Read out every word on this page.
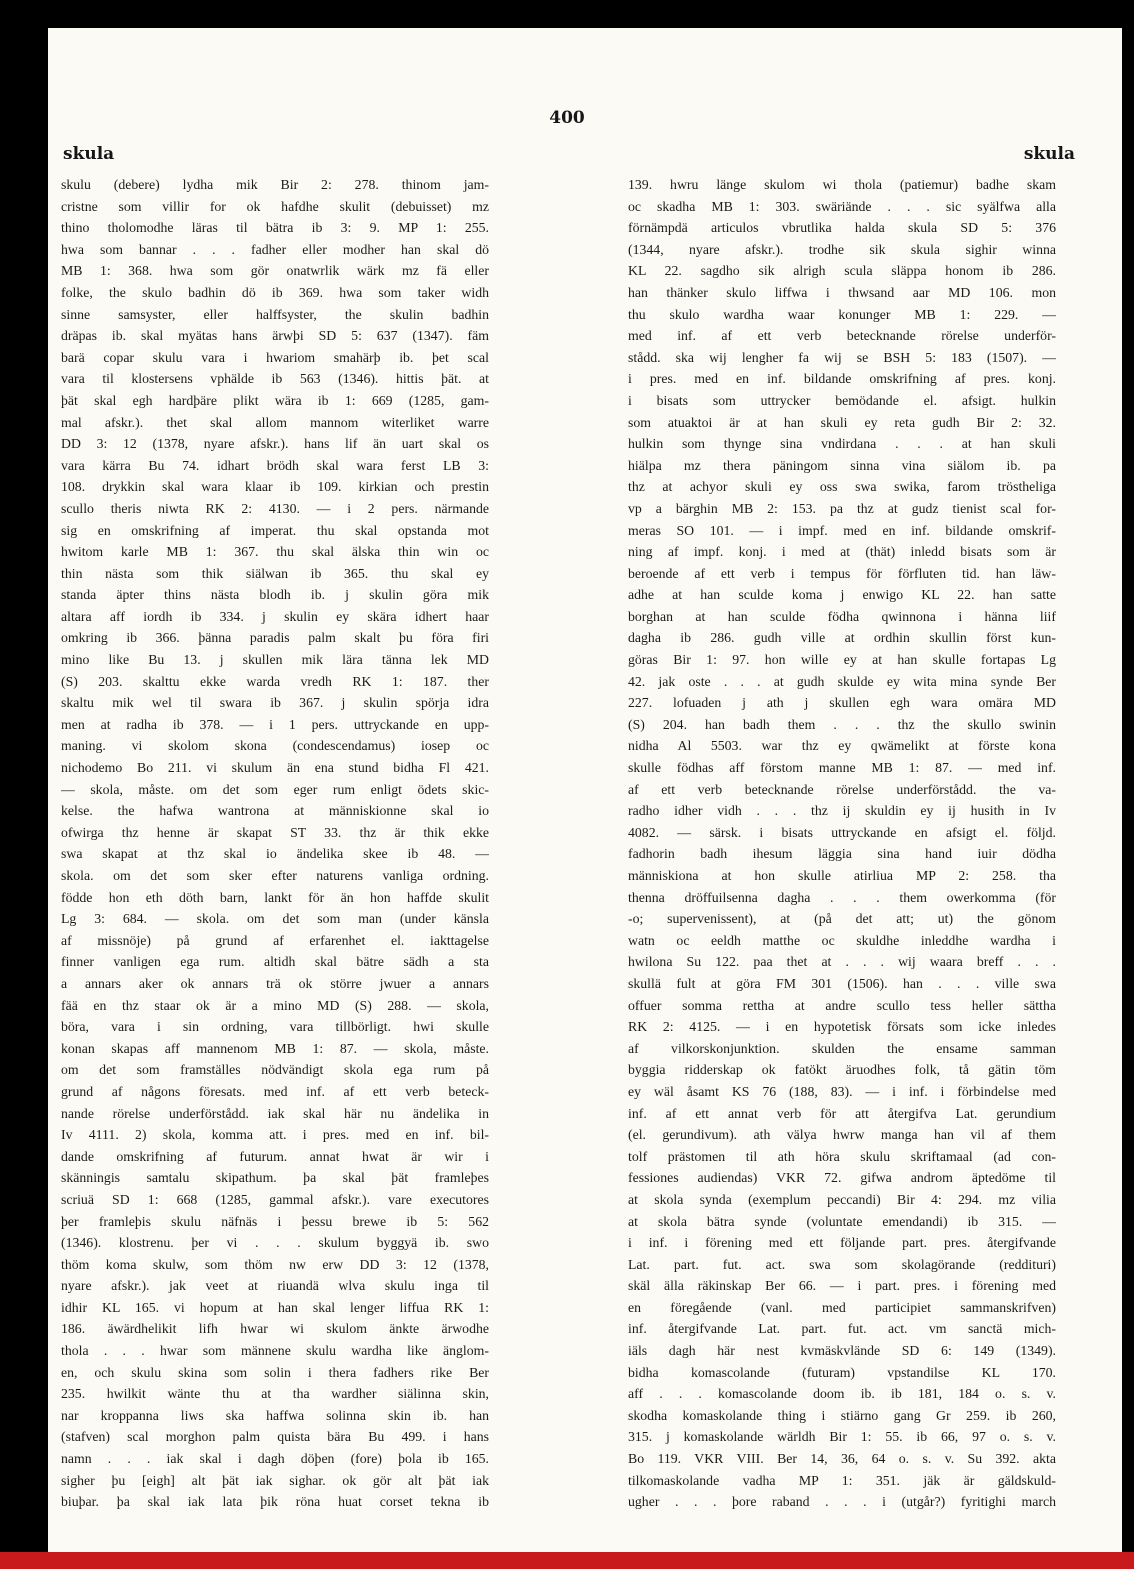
skula	skula
skulu (debere) lydha mik Bir 2: 278. thinom jam-
cristne som villir for ok hafdhe skulit (debuisset) mz
thino tholomodhe läras til bätra ib 3: 9. MP 1: 255.
hwa som bannar . . . fadher eller modher han skal dö
MB 1: 368. hwa som gör onatwrlik wärk mz fä eller
folke, the skulo badhin dö ib 369. hwa som taker widh
sinne samsyster, eller halffsyster, the skulin badhin
dräpas ib. skal myätas hans ärwþi SD 5: 637 (1347). fäm
barä copar skulu vara i hwariom smahärþ ib. þet scal
vara til klostersens vphälde ib 563 (1346). hittis þät. at
þät skal egh hardþäre plikt wära ib 1: 669 (1285, gam-
mal afskr.). thet skal allom mannom witerliket warre
DD 3: 12 (1378, nyare afskr.). hans lif än uart skal os
vara kärra Bu 74. idhart brödh skal wara ferst LB 3:
108. drykkin skal wara klaar ib 109. kirkian och prestin
scullo theris niwta RK 2: 4130. — i 2 pers. närmande
sig en omskrifning af imperat. thu skal opstanda mot
hwitom karle MB 1: 367. thu skal älska thin win oc
thin nästa som thik siälwan ib 365. thu skal ey
standa äpter thins nästa blodh ib. j skulin göra mik
altara aff iordh ib 334. j skulin ey skära idhert haar
omkring ib 366. þänna paradis palm skalt þu föra firi
mino like Bu 13. j skullen mik lära tänna lek MD
(S) 203. skalttu ekke warda vredh RK 1: 187. ther
skaltu mik wel til swara ib 367. j skulin spörja idra
men at radha ib 378. — i 1 pers. uttryckande en upp-
maning. vi skolom skona (condescendamus) iosep oc
nichodemo Bo 211. vi skulum än ena stund bidha Fl 421.
— skola, måste. om det som eger rum enligt ödets skic-
kelse. the hafwa wantrona at människionne skal io
ofwirga thz henne är skapat ST 33. thz är thik ekke
swa skapat at thz skal io ändelika skee ib 48. —
skola. om det som sker efter naturens vanliga ordning.
födde hon eth döth barn, lankt för än hon haffde skulit
Lg 3: 684. — skola. om det som man (under känsla
af missnöje) på grund af erfarenhet el. iakttagelse
finner vanligen ega rum. altidh skal bätre sädh a sta
a annars aker ok annars trä ok större jwuer a annars
fää en thz staar ok är a mino MD (S) 288. — skola,
böra, vara i sin ordning, vara tillbörligt. hwi skulle
konan skapas aff mannenom MB 1: 87. — skola, måste.
om det som framställes nödvändigt skola ega rum på
grund af någons föresats. med inf. af ett verb beteck-
nande rörelse underförstådd. iak skal här nu ändelika in
Iv 4111. 2) skola, komma att. i pres. med en inf. bil-
dande omskrifning af futurum. annat hwat är wir i
skänningis samtalu skipathum. þa skal þät framleþes
scriuä SD 1: 668 (1285, gammal afskr.). vare executores
þer framleþis skulu näfnäs i þessu brewe ib 5: 562
(1346). klostrenu. þer vi . . . skulum byggyä ib. swo
thöm koma skulw, som thöm nw erw DD 3: 12 (1378,
nyare afskr.). jak veet at riuandä wlva skulu inga til
idhir KL 165. vi hopum at han skal lenger liffua RK 1:
186. äwärdhelikit lifh hwar wi skulom änkte ärwodhe
thola . . . hwar som männene skulu wardha like änglom-
en, och skulu skina som solin i thera fadhers rike Ber
235. hwilkit wänte thu at tha wardher siälinna skin,
nar kroppanna liws ska haffwa solinna skin ib. han
(stafven) scal morghon palm quista bära Bu 499. i hans
namn . . . iak skal i dagh döþen (fore) þola ib 165.
sigher þu [eigh] alt þät iak sighar. ok gör alt þät iak
biuþar. þa skal iak lata þik röna huat corset tekna ib
139. hwru länge skulom wi thola (patiemur) badhe skam
oc skadha MB 1: 303. swäriände . . . sic syälfwa alla
förnämpdä articulos vbrutlika halda skula SD 5: 376
(1344, nyare afskr.). trodhe sik skula sighir winna
KL 22. sagdho sik alrigh scula släppa honom ib 286.
han thänker skulo liffwa i thwsand aar MD 106. mon
thu skulo wardha waar konunger MB 1: 229. —
med inf. af ett verb betecknande rörelse underför-
stådd. ska wij lengher fa wij se BSH 5: 183 (1507). —
i pres. med en inf. bildande omskrifning af pres. konj.
i bisats som uttrycker bemödande el. afsigt. hulkin
som atuaktoi är at han skuli ey reta gudh Bir 2: 32.
hulkin som thynge sina vndirdana . . . at han skuli
hiälpa mz thera päningom sinna vina siälom ib. pa
thz at achyor skuli ey oss swa swika, farom tröstheliga
vp a bärghin MB 2: 153. pa thz at gudz tienist scal for-
meras SO 101. — i impf. med en inf. bildande omskrif-
ning af impf. konj. i med at (thät) inledd bisats som är
beroende af ett verb i tempus för förfluten tid. han läw-
adhe at han sculde koma j enwigo KL 22. han satte
borghan at han sculde födha qwinnona i hänna liif
dagha ib 286. gudh ville at ordhin skullin först kun-
göras Bir 1: 97. hon wille ey at han skulle fortapas Lg
42. jak oste . . . at gudh skulde ey wita mina synde Ber
227. lofuaden j ath j skullen egh wara omära MD
(S) 204. han badh them . . . thz the skullo swinin
nidha Al 5503. war thz ey qwämelikt at förste kona
skulle födhas aff förstom manne MB 1: 87. — med inf.
af ett verb betecknande rörelse underförstådd. the va-
radho idher vidh . . . thz ij skuldin ey ij husith in Iv
4082. — särsk. i bisats uttryckande en afsigt el. följd.
fadhorin badh ihesum läggia sina hand iuir dödha
människiona at hon skulle atirliua MP 2: 258. tha
thenna dröffuilsenna dagha . . . them owerkomma (för
-o; supervenissent), at (på det att; ut) the gönom
watn oc eeldh matthe oc skuldhe inleddhe wardha i
hwilona Su 122. paa thet at . . . wij waara breff . . .
skullä fult at göra FM 301 (1506). han . . . ville swa
offuer somma rettha at andre scullo tess heller sättha
RK 2: 4125. — i en hypotetisk försats som icke inledes
af vilkorskonjunktion. skulden the ensame samman
byggia ridderskap ok fatökt äruodhes folk, tå gätin töm
ey wäl åsamt KS 76 (188, 83). — i inf. i förbindelse med
inf. af ett annat verb för att återgifva Lat. gerundium
(el. gerundivum). ath välya hwrw manga han vil af them
tolf prästomen til ath höra skulu skriftamaal (ad con-
fessiones audiendas) VKR 72. gifwa androm äptedöme til
at skola synda (exemplum peccandi) Bir 4: 294. mz vilia
at skola bätra synde (voluntate emendandi) ib 315. —
i inf. i förening med ett följande part. pres. återgifvande
Lat. part. fut. act. swa som skolagörande (reddituri)
skäl älla räkinskap Ber 66. — i part. pres. i förening med
en föregående (vanl. med participiet sammanskrifven)
inf. återgifvande Lat. part. fut. act. vm sanctä mich-
iäls dagh här nest kvmäskvlände SD 6: 149 (1349).
bidha komascolande (futuram) vpstandilse KL 170.
aff . . . komascolande doom ib. ib 181, 184 o. s. v.
skodha komaskolande thing i stiärno gang Gr 259. ib 260,
315. j komaskolande wärldh Bir 1: 55. ib 66, 97 o. s. v.
Bo 119. VKR VIII. Ber 14, 36, 64 o. s. v. Su 392. akta
tilkomaskolande vadha MP 1: 351. jäk är gäldskuld-
ugher . . . þore raband . . . i (utgår?) fyritighi march
400
